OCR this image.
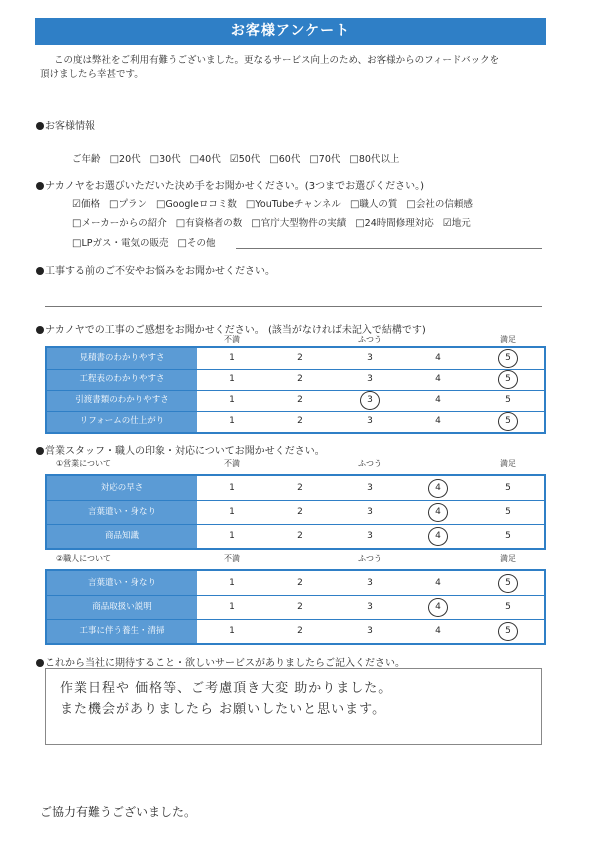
お客様アンケート
この度は弊社をご利用有難うございました。更なるサービス向上のため、お客様からのフィードバックを
頂けましたら幸甚です。
お客様情報
ご年齢 □20代 □30代 □40代 ☑50代 □60代 □70代 □80代以上
ナカノヤをお選びいただいた決め手をお聞かせください。(3つまでお選びください。)
☑価格 □プラン □Googleロコミ数 □YouTubeチャンネル □職人の質 □会社の信頼感
□メーカーからの紹介 □有資格者の数 □官庁大型物件の実績 □24時間修理対応 ☑地元
□LPガス・電気の販売 □その他
工事する前のご不安やお悩みをお聞かせください。
ナカノヤでの工事のご感想をお聞かせください。 (該当がなければ未記入で結構です)
不満	ふつう	満足
見積書のわかりやすさ	1	2	3	4	5
工程表のわかりやすさ	1	2	3	4	5
引渡書類のわかりやすさ	1	2	3	4	5
リフォームの仕上がり	1	2	3	4	5
営業スタッフ・職人の印象・対応についてお聞かせください。
①営業について	不満	ふつう	満足
対応の早さ	1	2	3	4	5
言葉遣い・身なり	1	2	3	4	5
商品知識	1	2	3	4	5
②職人について	不満	ふつう	満足
言葉遣い・身なり	1	2	3	4	5
商品取扱い説明	1	2	3	4	5
工事に伴う養生・清掃	1	2	3	4	5
これから当社に期待すること・欲しいサービスがありましたらご記入ください。
作業日程や 価格等、ご考慮頂き大変 助かりました。
また機会がありましたら お願いしたいと思います。
ご協力有難うございました。
